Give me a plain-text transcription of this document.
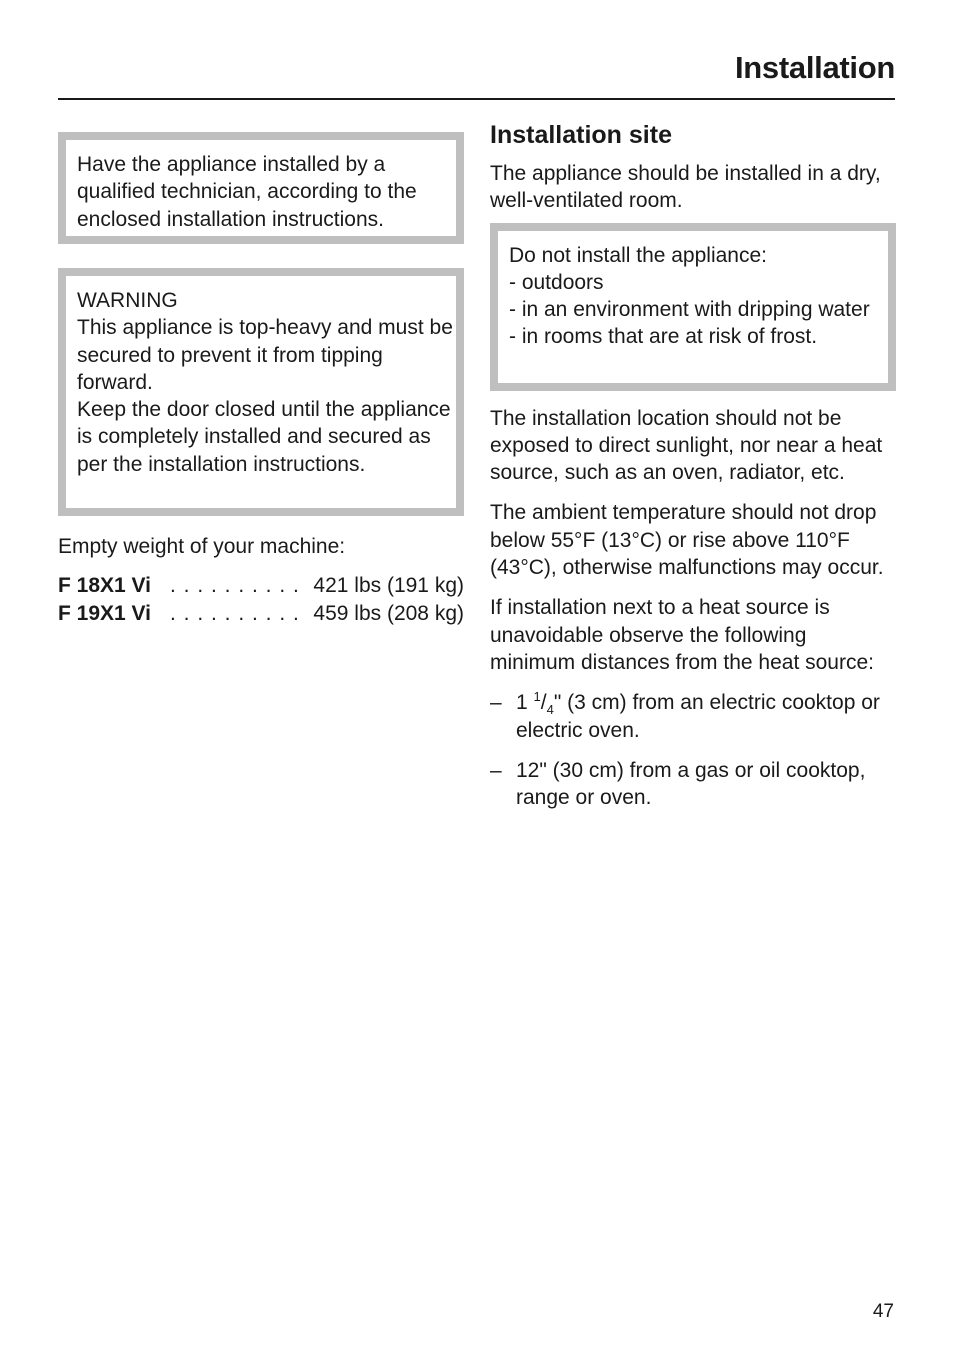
Installation

Have the appliance installed by a qualified technician, according to the enclosed installation instructions.

WARNING

This appliance is top-heavy and must be secured to prevent it from tipping forward.

Keep the door closed until the appliance is completely installed and secured as per the installation instructions.

Empty weight of your machine:

F 18X1 Vi . . . . . . . . . . 421 lbs (191 kg)
F 19X1 Vi . . . . . . . . . . 459 lbs (208 kg)
Installation site

The appliance should be installed in a dry, well-ventilated room.

Do not install the appliance:

- outdoors

- in an environment with dripping water

- in rooms that are at risk of frost.

The installation location should not be exposed to direct sunlight, nor near a heat source, such as an oven, radiator, etc.

The ambient temperature should not drop below 55°F (13°C) or rise above 110°F (43°C), otherwise malfunctions may occur.

If installation next to a heat source is unavoidable observe the following minimum distances from the heat source:

– 1 $^1/_4$" (3 cm) from an electric cooktop or electric oven.
– 12" (30 cm) from a gas or oil cooktop, range or oven.
47
